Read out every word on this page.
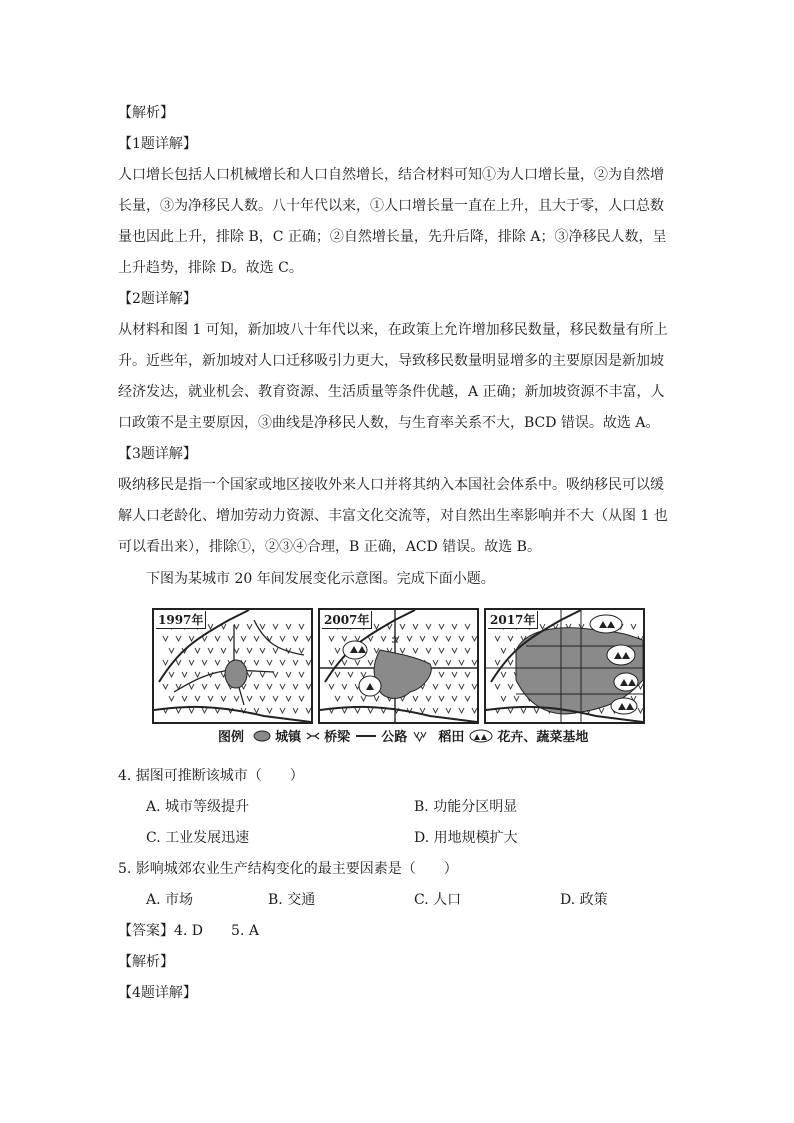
【解析】
【1题详解】
人口增长包括人口机械增长和人口自然增长，结合材料可知①为人口增长量，②为自然增
长量，③为净移民人数。八十年代以来，①人口增长量一直在上升，且大于零，人口总数
量也因此上升，排除 B，C 正确；②自然增长量，先升后降，排除 A；③净移民人数，呈
上升趋势，排除 D。故选 C。
【2题详解】
从材料和图 1 可知，新加坡八十年代以来，在政策上允许增加移民数量，移民数量有所上
升。近些年，新加坡对人口迁移吸引力更大，导致移民数量明显增多的主要原因是新加坡
经济发达，就业机会、教育资源、生活质量等条件优越，A 正确；新加坡资源不丰富，人
口政策不是主要原因，③曲线是净移民人数，与生育率关系不大，BCD 错误。故选 A。
【3题详解】
吸纳移民是指一个国家或地区接收外来人口并将其纳入本国社会体系中。吸纳移民可以缓
解人口老龄化、增加劳动力资源、丰富文化交流等，对自然出生率影响并不大（从图 1 也
可以看出来），排除①，②③④合理，B 正确，ACD 错误。故选 B。
下图为某城市 20 年间发展变化示意图。完成下面小题。
1997年	2007年	2017年
图例 城镇 桥梁 公路 稻田	花卉、蔬菜基地
4. 据图可推断该城市（　　）
A. 城市等级提升	B. 功能分区明显
C. 工业发展迅速	D. 用地规模扩大
5. 影响城郊农业生产结构变化的最主要因素是（　　）
A. 市场	B. 交通	C. 人口	D. 政策
【答案】4. D　　5. A
【解析】
【4题详解】
